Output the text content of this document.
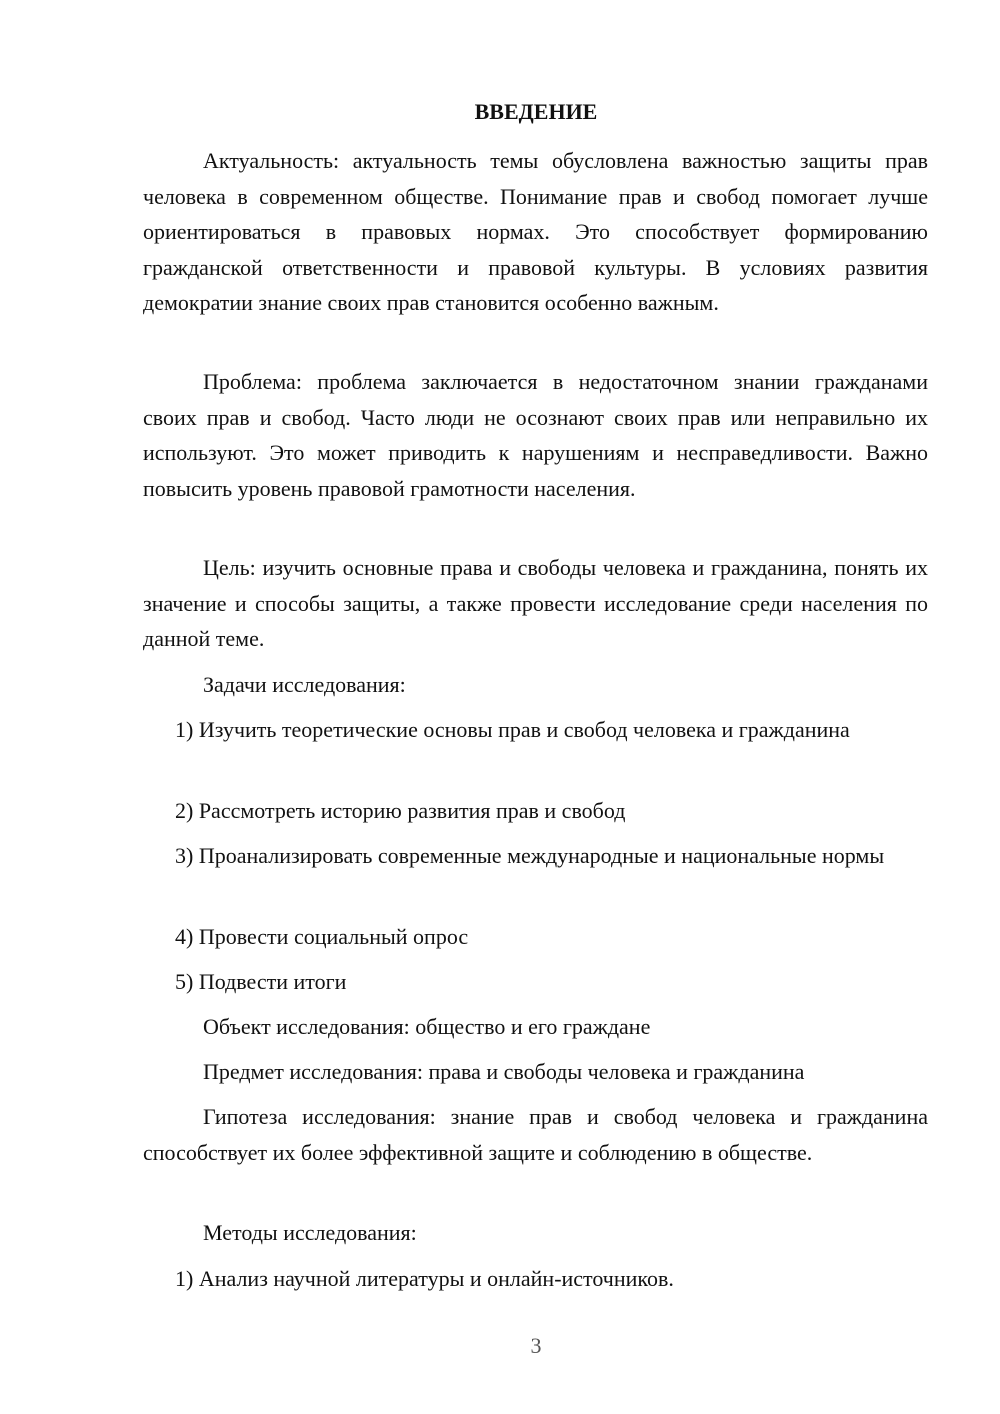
ВВЕДЕНИЕ

Актуальность: актуальность темы обусловлена важностью защиты прав человека в современном обществе. Понимание прав и свобод помогает лучше ориентироваться в правовых нормах. Это способствует формированию гражданской ответственности и правовой культуры. В условиях развития демократии знание своих прав становится особенно важным.

Проблема: проблема заключается в недостаточном знании гражданами своих прав и свобод. Часто люди не осознают своих прав или неправильно их используют. Это может приводить к нарушениям и несправедливости. Важно повысить уровень правовой грамотности населения.

Цель: изучить основные права и свободы человека и гражданина, понять их значение и способы защиты, а также провести исследование среди населения по данной теме.

Задачи исследования:

1) Изучить теоретические основы прав и свобод человека и гражданина

2) Рассмотреть историю развития прав и свобод

3) Проанализировать современные международные и национальные нормы

4) Провести социальный опрос

5) Подвести итоги

Объект исследования: общество и его граждане

Предмет исследования: права и свободы человека и гражданина

Гипотеза исследования: знание прав и свобод человека и гражданина способствует их более эффективной защите и соблюдению в обществе.

Методы исследования:

1) Анализ научной литературы и онлайн-источников.

3
